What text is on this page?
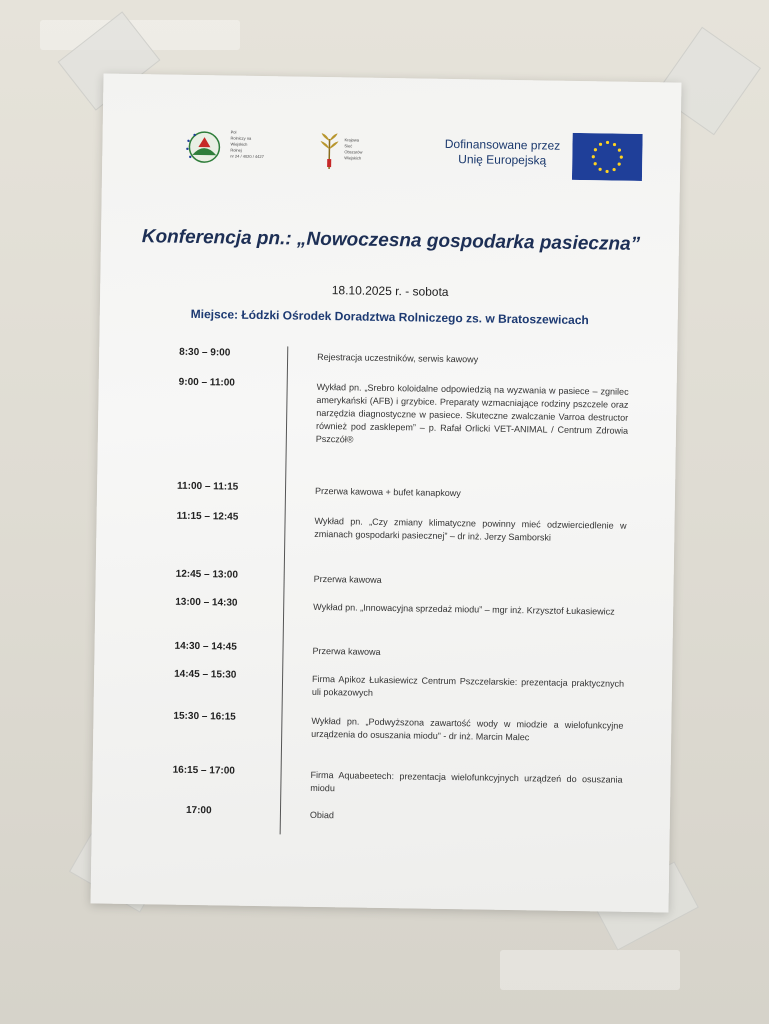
Pol
Rolniczy na
Wiejskich
Rolnej
nr 24 / 4020 / 4427
Krajowa
Sieć
Obszarów
Wiejskich
Dofinansowane przez
Unię Europejską
Konferencja pn.: „Nowoczesna gospodarka pasieczna”
18.10.2025 r. - sobota
Miejsce: Łódzki Ośrodek Doradztwa Rolniczego zs. w Bratoszewicach
8:30 – 9:00	Rejestracja uczestników, serwis kawowy
9:00 – 11:00	Wykład pn. „Srebro koloidalne odpowiedzią na wyzwania w pasiece – zgnilec amerykański (AFB) i grzybice. Preparaty wzmacniające rodziny pszczele oraz narzędzia diagnostyczne w pasiece. Skuteczne zwalczanie Varroa destructor również pod zasklepem” – p. Rafał Orlicki VET-ANIMAL / Centrum Zdrowia Pszczół®
11:00 – 11:15	Przerwa kawowa + bufet kanapkowy
11:15 – 12:45	Wykład pn. „Czy zmiany klimatyczne powinny mieć odzwierciedlenie w zmianach gospodarki pasiecznej” – dr inż. Jerzy Samborski
12:45 – 13:00	Przerwa kawowa
13:00 – 14:30	Wykład pn. „Innowacyjna sprzedaż miodu” – mgr inż. Krzysztof Łukasiewicz
14:30 – 14:45	Przerwa kawowa
14:45 – 15:30	Firma Apikoz Łukasiewicz Centrum Pszczelarskie: prezentacja praktycznych uli pokazowych
15:30 – 16:15	Wykład pn. „Podwyższona zawartość wody w miodzie a wielofunkcyjne urządzenia do osuszania miodu” - dr inż. Marcin Malec
16:15 – 17:00	Firma Aquabeetech: prezentacja wielofunkcyjnych urządzeń do osuszania miodu
17:00	Obiad
